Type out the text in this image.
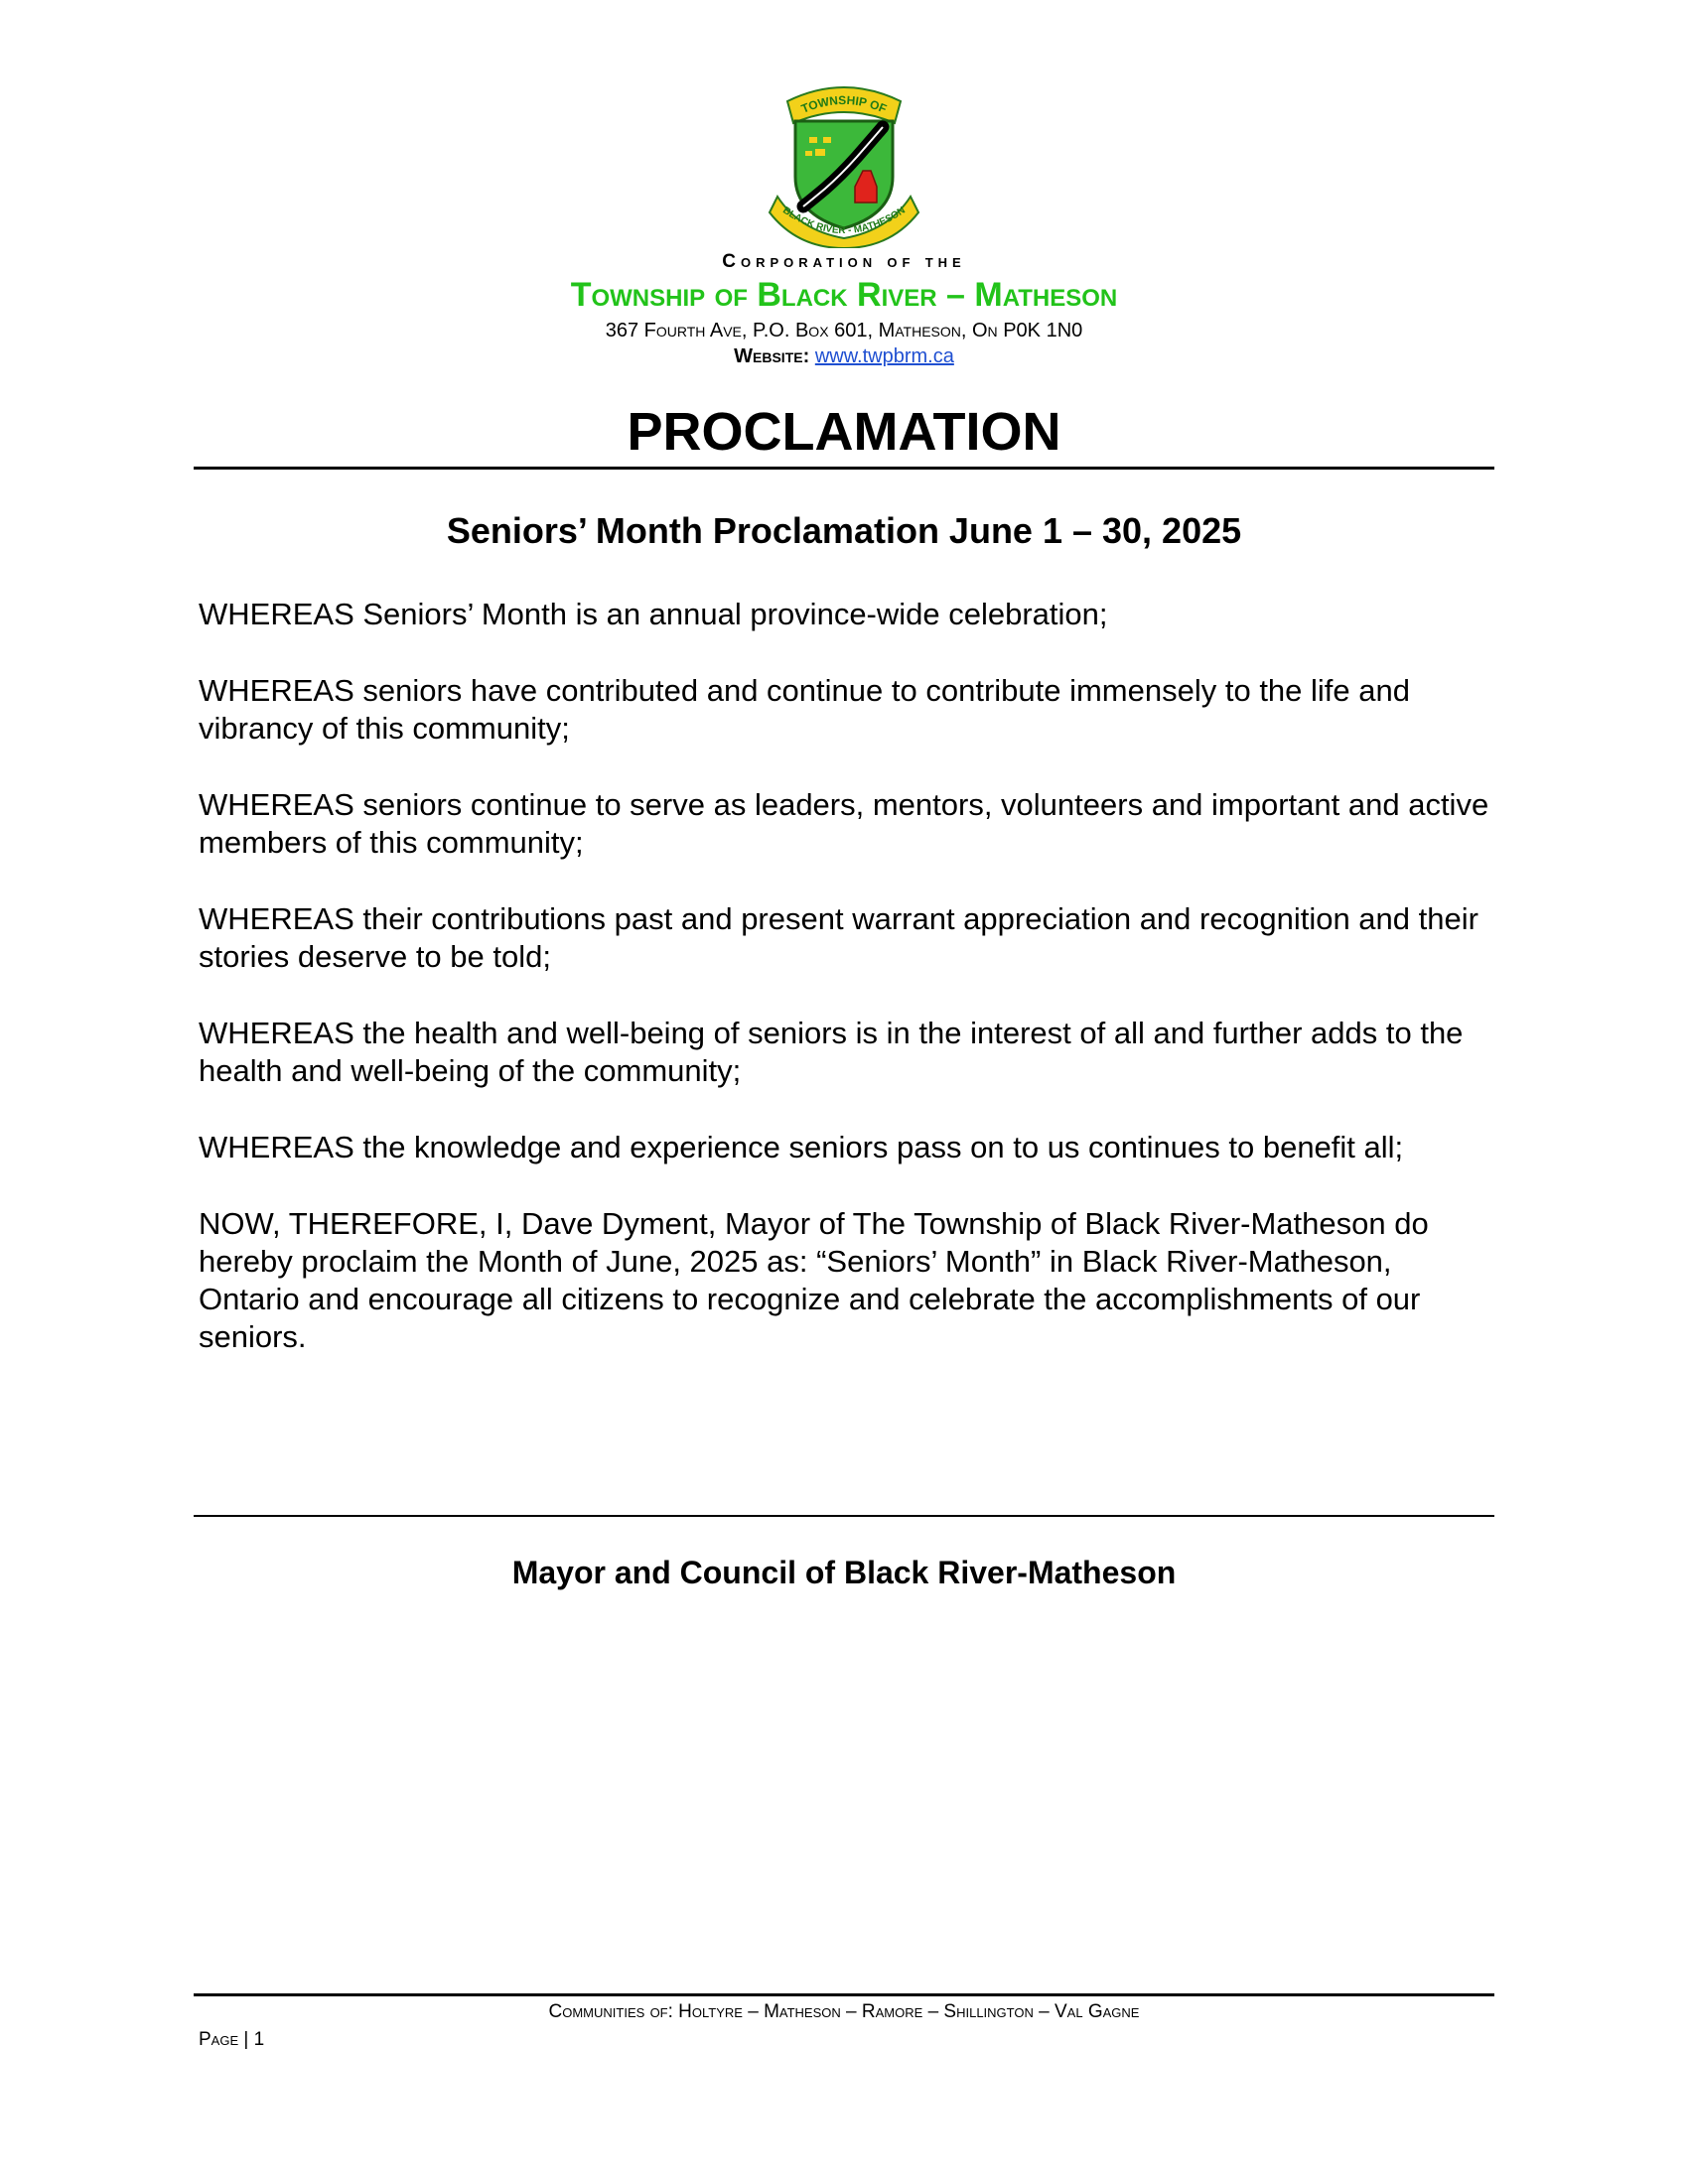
TOWNSHIP OF
BLACK RIVER - MATHESON
Corporation of the
Township of Black River – Matheson
367 Fourth Ave, P.O. Box 601, Matheson, On P0K 1N0
Website: www.twpbrm.ca
PROCLAMATION
Seniors’ Month Proclamation June 1 – 30, 2025

WHEREAS Seniors’ Month is an annual province-wide celebration;

WHEREAS seniors have contributed and continue to contribute immensely to the life and vibrancy of this community;

WHEREAS seniors continue to serve as leaders, mentors, volunteers and important and active members of this community;

WHEREAS their contributions past and present warrant appreciation and recognition and their stories deserve to be told;

WHEREAS the health and well-being of seniors is in the interest of all and further adds to the health and well-being of the community;

WHEREAS the knowledge and experience seniors pass on to us continues to benefit all;

NOW, THEREFORE, I, Dave Dyment, Mayor of The Township of Black River-Matheson do hereby proclaim the Month of June, 2025 as: “Seniors’ Month” in Black River-Matheson, Ontario and encourage all citizens to recognize and celebrate the accomplishments of our seniors.

Mayor and Council of Black River-Matheson
Communities of: Holtyre – Matheson – Ramore – Shillington – Val Gagne
Page | 1
